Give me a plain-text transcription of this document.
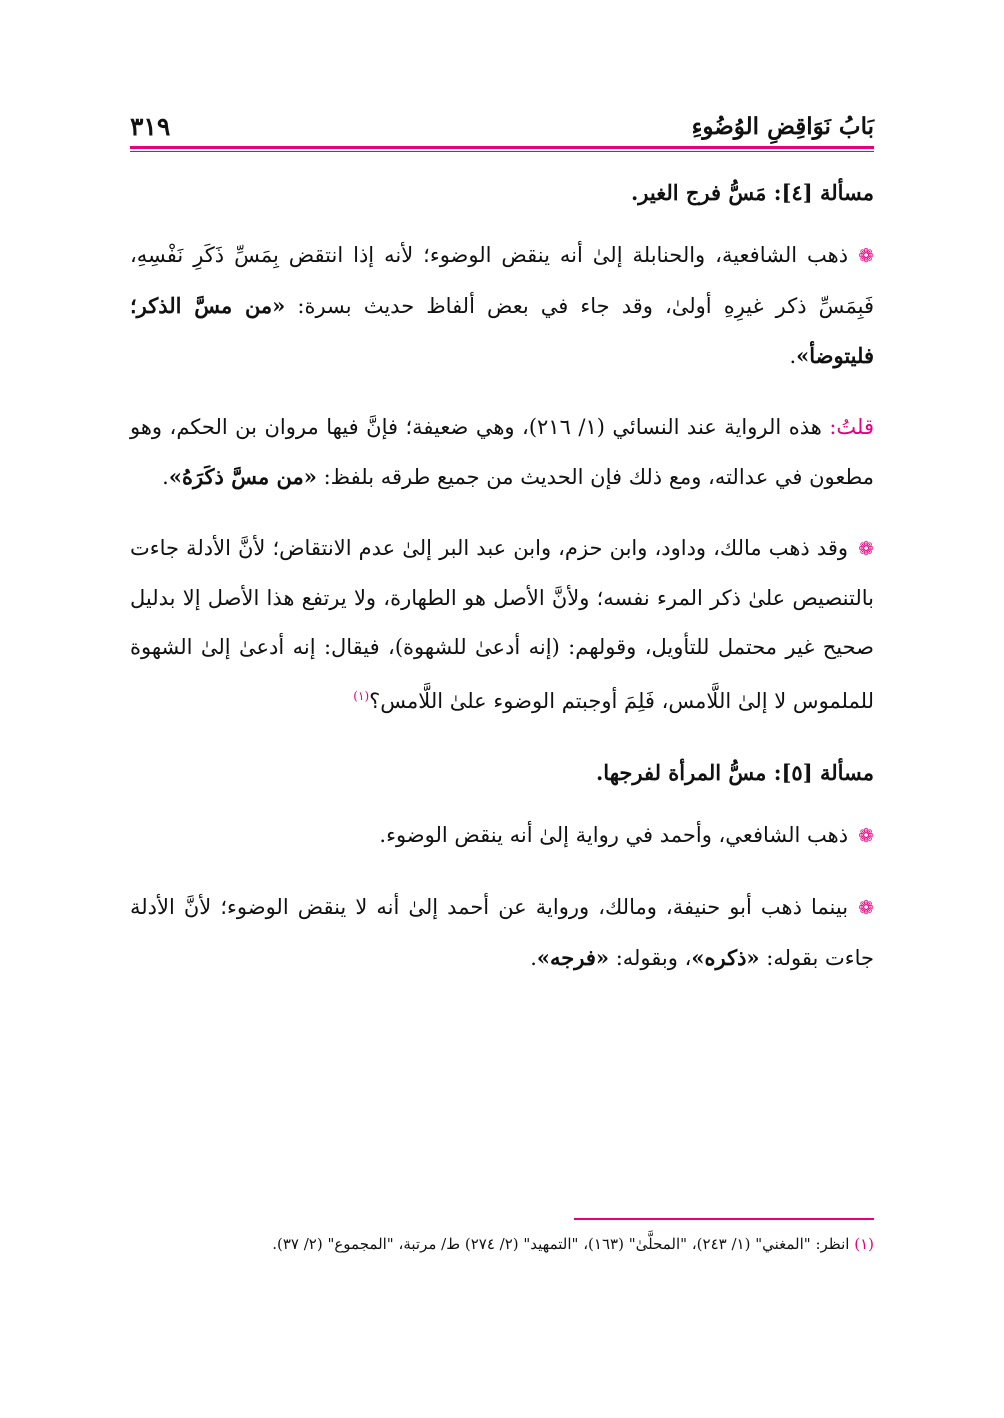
بَابُ نَوَاقِضِ الوُضُوءِ
٣١٩

مسألة [٤]: مَسُّ فرج الغير.

❁ذهب الشافعية، والحنابلة إلىٰ أنه ينقض الوضوء؛ لأنه إذا انتقض بِمَسِّ ذَكَرِ نَفْسِهِ، فَبِمَسِّ ذكر غيرِهِ أولىٰ، وقد جاء في بعض ألفاظ حديث بسرة: «من مسَّ الذكر؛ فليتوضأ».

قلتُ: هذه الرواية عند النسائي (١/ ٢١٦)، وهي ضعيفة؛ فإنَّ فيها مروان بن الحكم، وهو مطعون في عدالته، ومع ذلك فإن الحديث من جميع طرقه بلفظ: «من مسَّ ذكَرَهُ».

❁وقد ذهب مالك، وداود، وابن حزم، وابن عبد البر إلىٰ عدم الانتقاض؛ لأنَّ الأدلة جاءت بالتنصيص علىٰ ذكر المرء نفسه؛ ولأنَّ الأصل هو الطهارة، ولا يرتفع هذا الأصل إلا بدليل صحيح غير محتمل للتأويل، وقولهم: (إنه أدعىٰ للشهوة)، فيقال: إنه أدعىٰ إلىٰ الشهوة للملموس لا إلىٰ اللَّامس، فَلِمَ أوجبتم الوضوء علىٰ اللَّامس؟$^{(١)}$

مسألة [٥]: مسُّ المرأة لفرجها.

❁ذهب الشافعي، وأحمد في رواية إلىٰ أنه ينقض الوضوء.

❁بينما ذهب أبو حنيفة، ومالك، ورواية عن أحمد إلىٰ أنه لا ينقض الوضوء؛ لأنَّ الأدلة جاءت بقوله: «ذكره»، وبقوله: «فرجه».

(١) انظر: "المغني" (١/ ٢٤٣)، "المحلَّىٰ" (١٦٣)، "التمهيد" (٢/ ٢٧٤) ط/ مرتبة، "المجموع" (٢/ ٣٧).
